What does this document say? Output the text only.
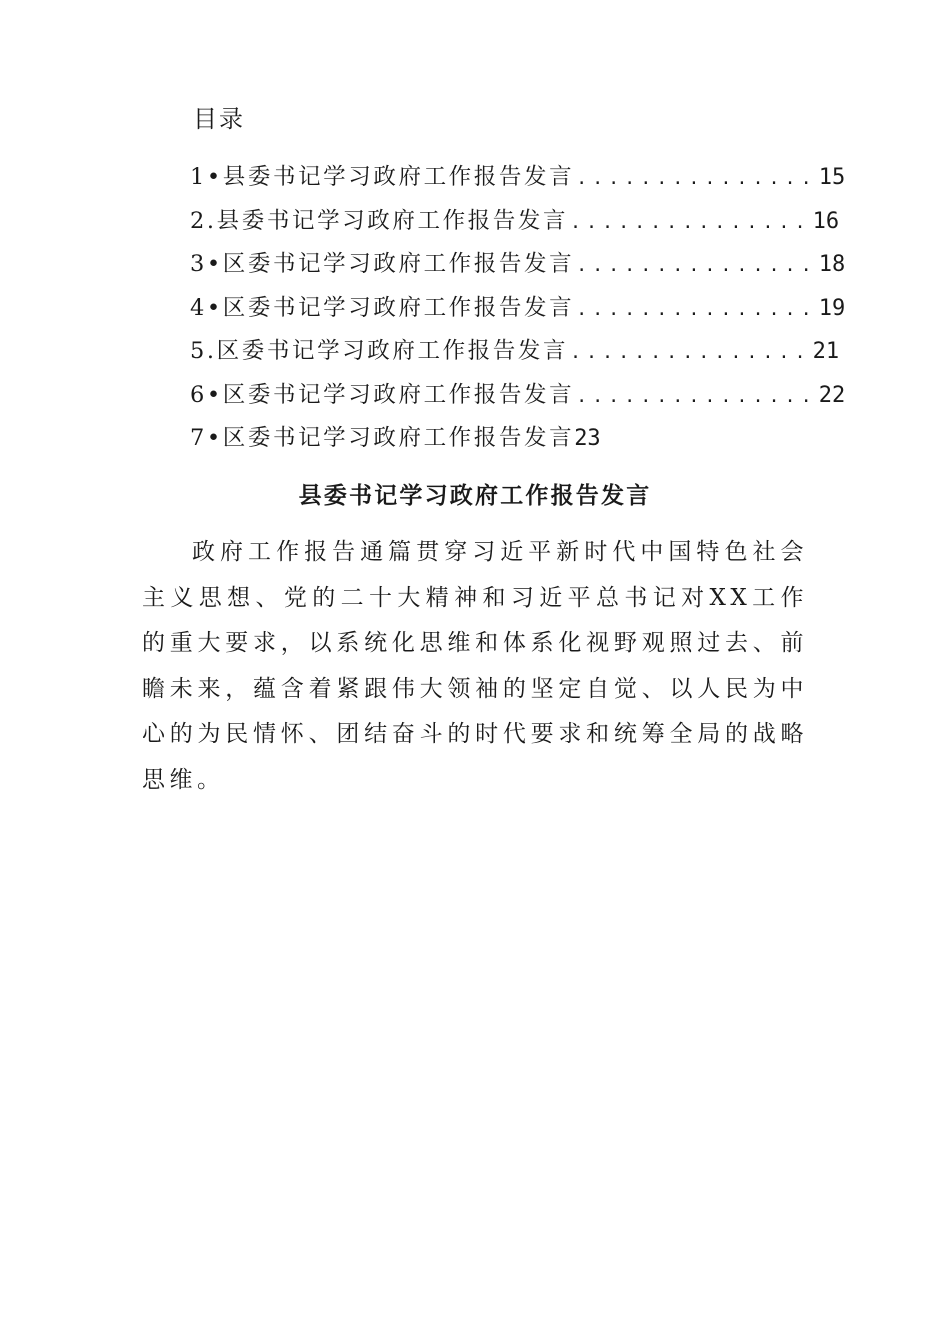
目录
1•县委书记学习政府工作报告发言 ............... 15
2.县委书记学习政府工作报告发言 ............... 16
3•区委书记学习政府工作报告发言 ............... 18
4•区委书记学习政府工作报告发言 ............... 19
5.区委书记学习政府工作报告发言 ............... 21
6•区委书记学习政府工作报告发言 ............... 22
7•区委书记学习政府工作报告发言 23
县委书记学习政府工作报告发言

政府工作报告通篇贯穿习近平新时代中国特色社会主义思想、党的二十大精神和习近平总书记对XX工作的重大要求，以系统化思维和体系化视野观照过去、前瞻未来，蕴含着紧跟伟大领袖的坚定自觉、以人民为中心的为民情怀、团结奋斗的时代要求和统筹全局的战略思维。
